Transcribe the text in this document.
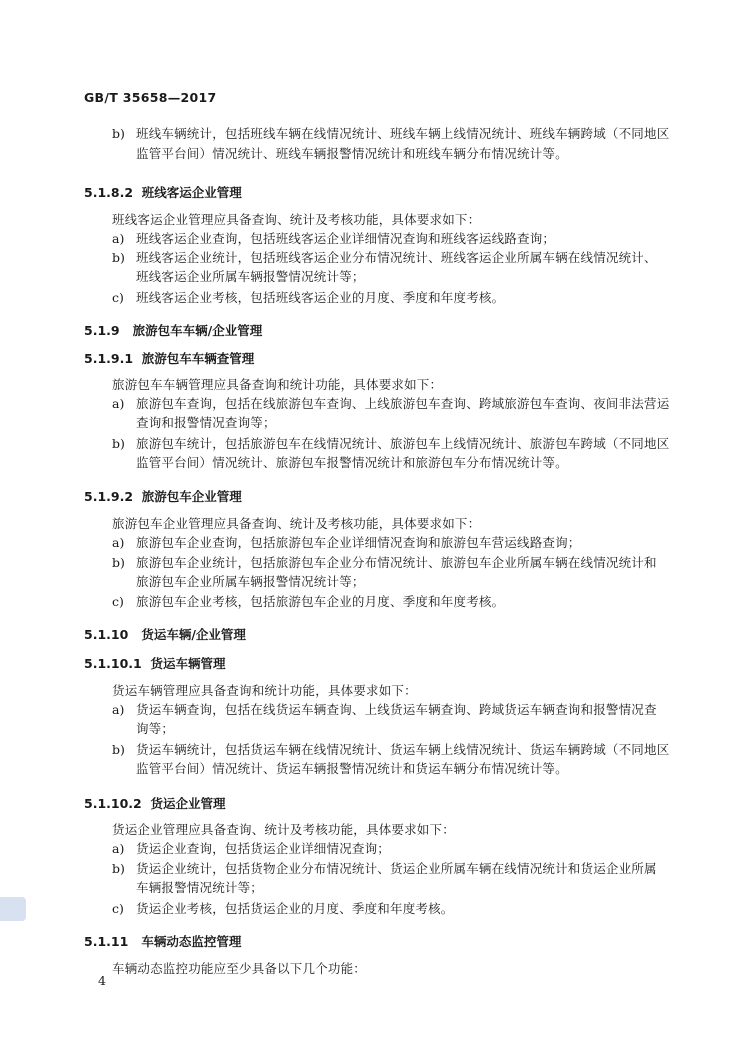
GB/T 35658—2017
b) 班线车辆统计，包括班线车辆在线情况统计、班线车辆上线情况统计、班线车辆跨域（不同地区
监管平台间）情况统计、班线车辆报警情况统计和班线车辆分布情况统计等。
5.1.8.2 班线客运企业管理
班线客运企业管理应具备查询、统计及考核功能，具体要求如下：
a) 班线客运企业查询，包括班线客运企业详细情况查询和班线客运线路查询；
b) 班线客运企业统计，包括班线客运企业分布情况统计、班线客运企业所属车辆在线情况统计、
班线客运企业所属车辆报警情况统计等；
c) 班线客运企业考核，包括班线客运企业的月度、季度和年度考核。
5.1.9 旅游包车车辆/企业管理
5.1.9.1 旅游包车车辆查管理
旅游包车车辆管理应具备查询和统计功能，具体要求如下：
a) 旅游包车查询，包括在线旅游包车查询、上线旅游包车查询、跨域旅游包车查询、夜间非法营运
查询和报警情况查询等；
b) 旅游包车统计，包括旅游包车在线情况统计、旅游包车上线情况统计、旅游包车跨域（不同地区
监管平台间）情况统计、旅游包车报警情况统计和旅游包车分布情况统计等。
5.1.9.2 旅游包车企业管理
旅游包车企业管理应具备查询、统计及考核功能，具体要求如下：
a) 旅游包车企业查询，包括旅游包车企业详细情况查询和旅游包车营运线路查询；
b) 旅游包车企业统计，包括旅游包车企业分布情况统计、旅游包车企业所属车辆在线情况统计和
旅游包车企业所属车辆报警情况统计等；
c) 旅游包车企业考核，包括旅游包车企业的月度、季度和年度考核。
5.1.10 货运车辆/企业管理
5.1.10.1 货运车辆管理
货运车辆管理应具备查询和统计功能，具体要求如下：
a) 货运车辆查询，包括在线货运车辆查询、上线货运车辆查询、跨域货运车辆查询和报警情况查
询等；
b) 货运车辆统计，包括货运车辆在线情况统计、货运车辆上线情况统计、货运车辆跨域（不同地区
监管平台间）情况统计、货运车辆报警情况统计和货运车辆分布情况统计等。
5.1.10.2 货运企业管理
货运企业管理应具备查询、统计及考核功能，具体要求如下：
a) 货运企业查询，包括货运企业详细情况查询；
b) 货运企业统计，包括货物企业分布情况统计、货运企业所属车辆在线情况统计和货运企业所属
车辆报警情况统计等；
c) 货运企业考核，包括货运企业的月度、季度和年度考核。
5.1.11 车辆动态监控管理
车辆动态监控功能应至少具备以下几个功能：
4
